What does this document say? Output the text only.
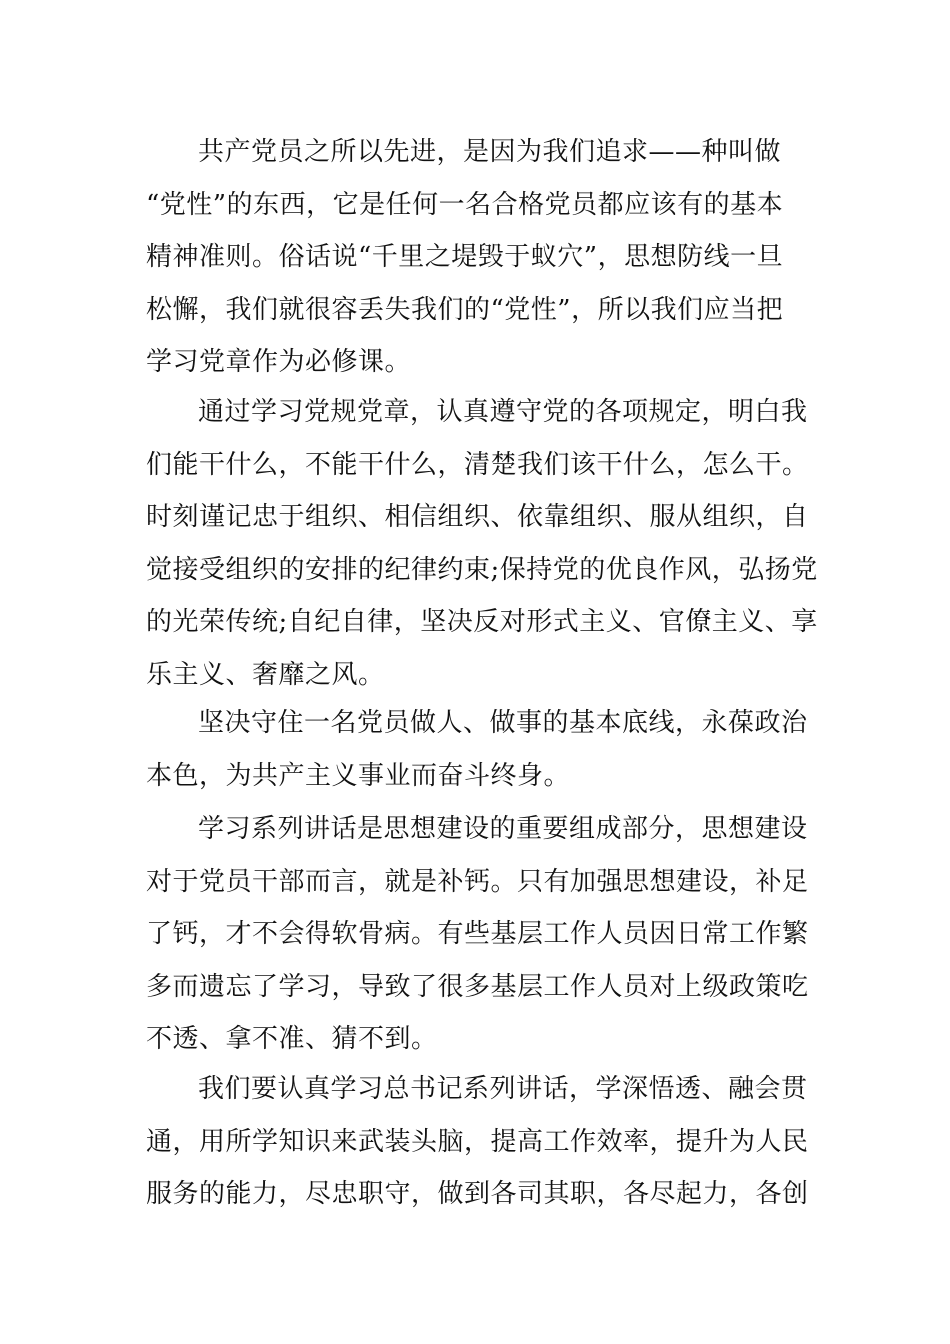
共产党员之所以先进，是因为我们追求——种叫做
“党性”的东西，它是任何一名合格党员都应该有的基本
精神准则。俗话说“千里之堤毁于蚁穴”，思想防线一旦
松懈，我们就很容丢失我们的“党性”，所以我们应当把
学习党章作为必修课。
通过学习党规党章，认真遵守党的各项规定，明白我
们能干什么，不能干什么，清楚我们该干什么，怎么干。
时刻谨记忠于组织、相信组织、依靠组织、服从组织，自
觉接受组织的安排的纪律约束;保持党的优良作风，弘扬党
的光荣传统;自纪自律，坚决反对形式主义、官僚主义、享
乐主义、奢靡之风。
坚决守住一名党员做人、做事的基本底线，永葆政治
本色，为共产主义事业而奋斗终身。
学习系列讲话是思想建设的重要组成部分，思想建设
对于党员干部而言，就是补钙。只有加强思想建设，补足
了钙，才不会得软骨病。有些基层工作人员因日常工作繁
多而遗忘了学习，导致了很多基层工作人员对上级政策吃
不透、拿不准、猜不到。
我们要认真学习总书记系列讲话，学深悟透、融会贯
通，用所学知识来武装头脑，提高工作效率，提升为人民
服务的能力，尽忠职守，做到各司其职，各尽起力，各创
